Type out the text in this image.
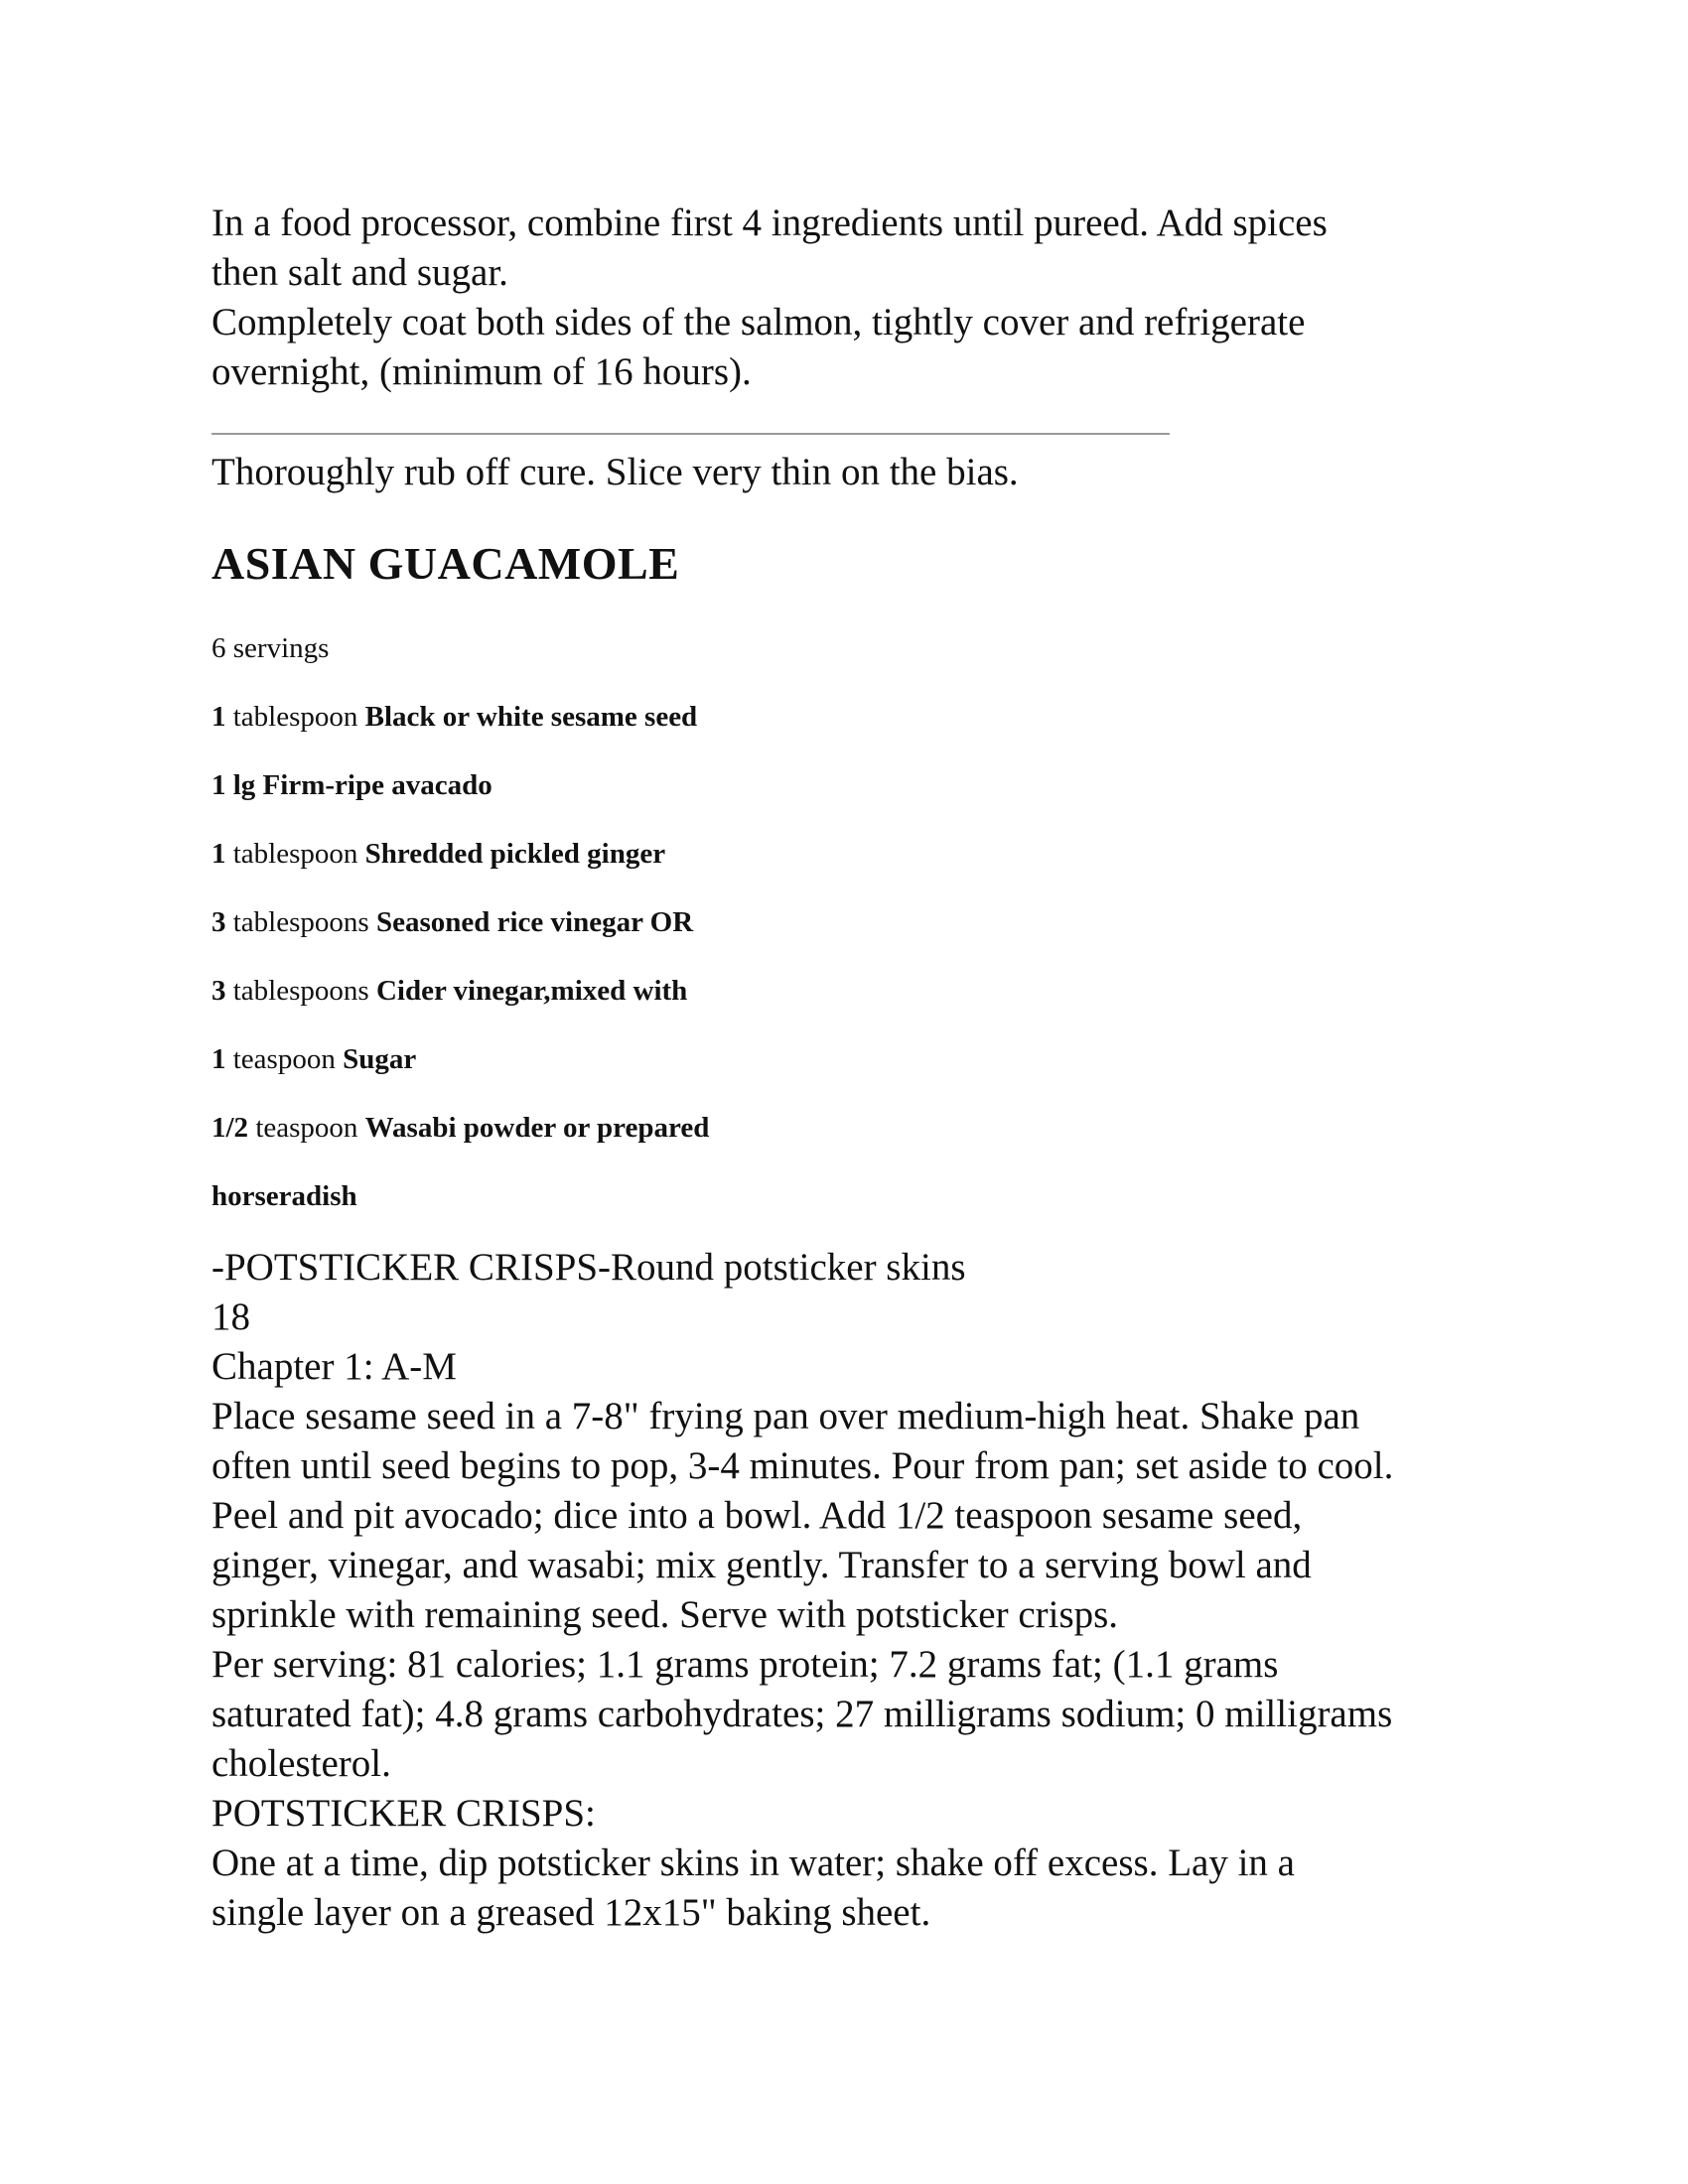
In a food processor, combine first 4 ingredients until pureed. Add spices
then salt and sugar.
Completely coat both sides of the salmon, tightly cover and refrigerate
overnight, (minimum of 16 hours).

Thoroughly rub off cure. Slice very thin on the bias.

ASIAN GUACAMOLE
6 servings
1 tablespoon Black or white sesame seed
1 lg Firm-ripe avacado
1 tablespoon Shredded pickled ginger
3 tablespoons Seasoned rice vinegar OR
3 tablespoons Cider vinegar,mixed with
1 teaspoon Sugar
1/2 teaspoon Wasabi powder or prepared
horseradish
-POTSTICKER CRISPS-Round potsticker skins
18
Chapter 1: A-M
Place sesame seed in a 7-8" frying pan over medium-high heat. Shake pan
often until seed begins to pop, 3-4 minutes. Pour from pan; set aside to cool.
Peel and pit avocado; dice into a bowl. Add 1/2 teaspoon sesame seed,
ginger, vinegar, and wasabi; mix gently. Transfer to a serving bowl and
sprinkle with remaining seed. Serve with potsticker crisps.
Per serving: 81 calories; 1.1 grams protein; 7.2 grams fat; (1.1 grams
saturated fat); 4.8 grams carbohydrates; 27 milligrams sodium; 0 milligrams
cholesterol.
POTSTICKER CRISPS:
One at a time, dip potsticker skins in water; shake off excess. Lay in a
single layer on a greased 12x15" baking sheet.
